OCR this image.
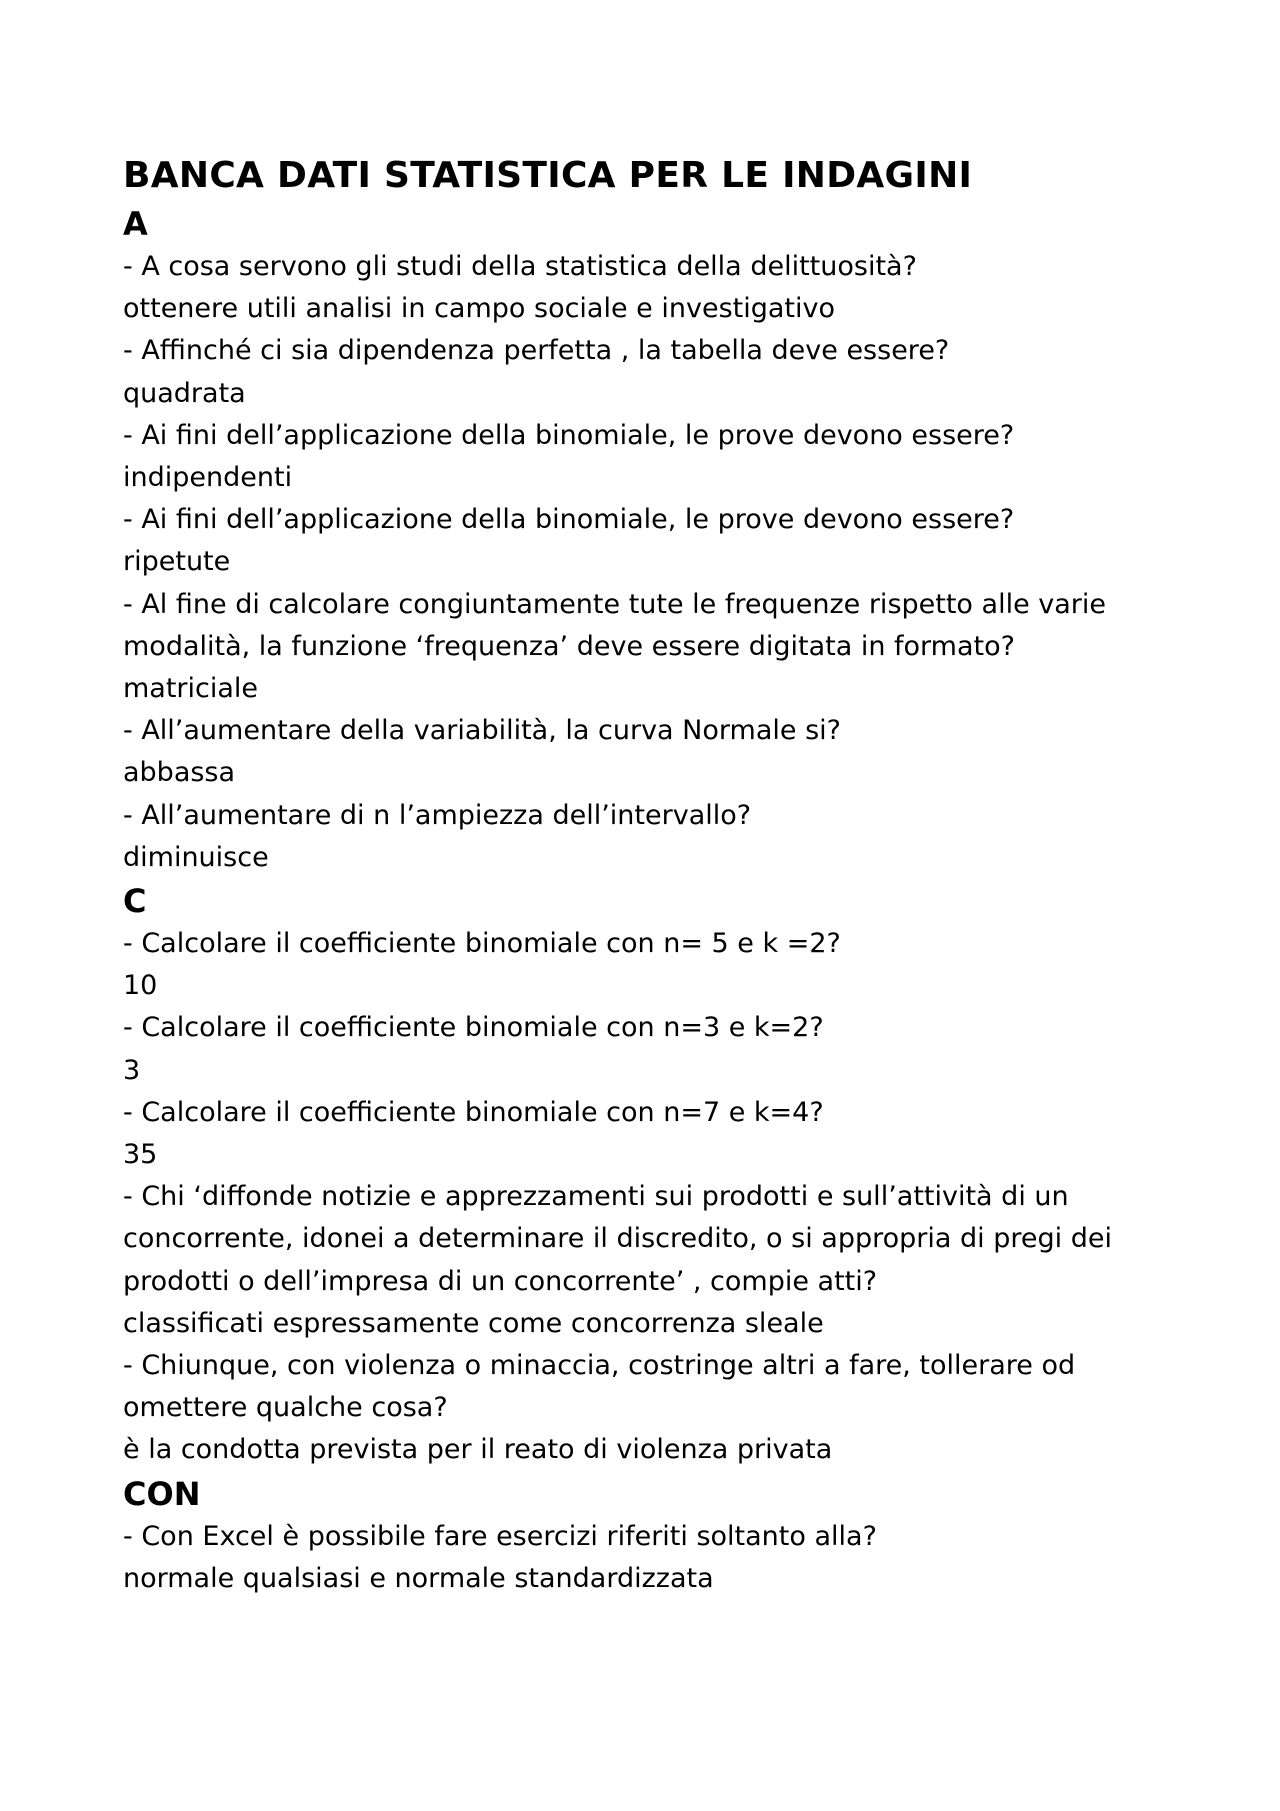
BANCA DATI STATISTICA PER LE INDAGINI
A

- A cosa servono gli studi della statistica della delittuosità?

ottenere utili analisi in campo sociale e investigativo

- Affinché ci sia dipendenza perfetta , la tabella deve essere?

quadrata

- Ai fini dell’applicazione della binomiale, le prove devono essere?

indipendenti

- Ai fini dell’applicazione della binomiale, le prove devono essere?

ripetute

- Al fine di calcolare congiuntamente tute le frequenze rispetto alle varie modalità, la funzione ‘frequenza’ deve essere digitata in formato?

matriciale

- All’aumentare della variabilità, la curva Normale si?

abbassa

- All’aumentare di n l’ampiezza dell’intervallo?

diminuisce

C

- Calcolare il coefficiente binomiale con n= 5 e k =2?

10

- Calcolare il coefficiente binomiale con n=3 e k=2?

3

- Calcolare il coefficiente binomiale con n=7 e k=4?

35

- Chi ‘diffonde notizie e apprezzamenti sui prodotti e sull’attività di un concorrente, idonei a determinare il discredito, o si appropria di pregi dei prodotti o dell’impresa di un concorrente’ , compie atti?

classificati espressamente come concorrenza sleale

- Chiunque, con violenza o minaccia, costringe altri a fare, tollerare od omettere qualche cosa?

è la condotta prevista per il reato di violenza privata

CON

- Con Excel è possibile fare esercizi riferiti soltanto alla?

normale qualsiasi e normale standardizzata
